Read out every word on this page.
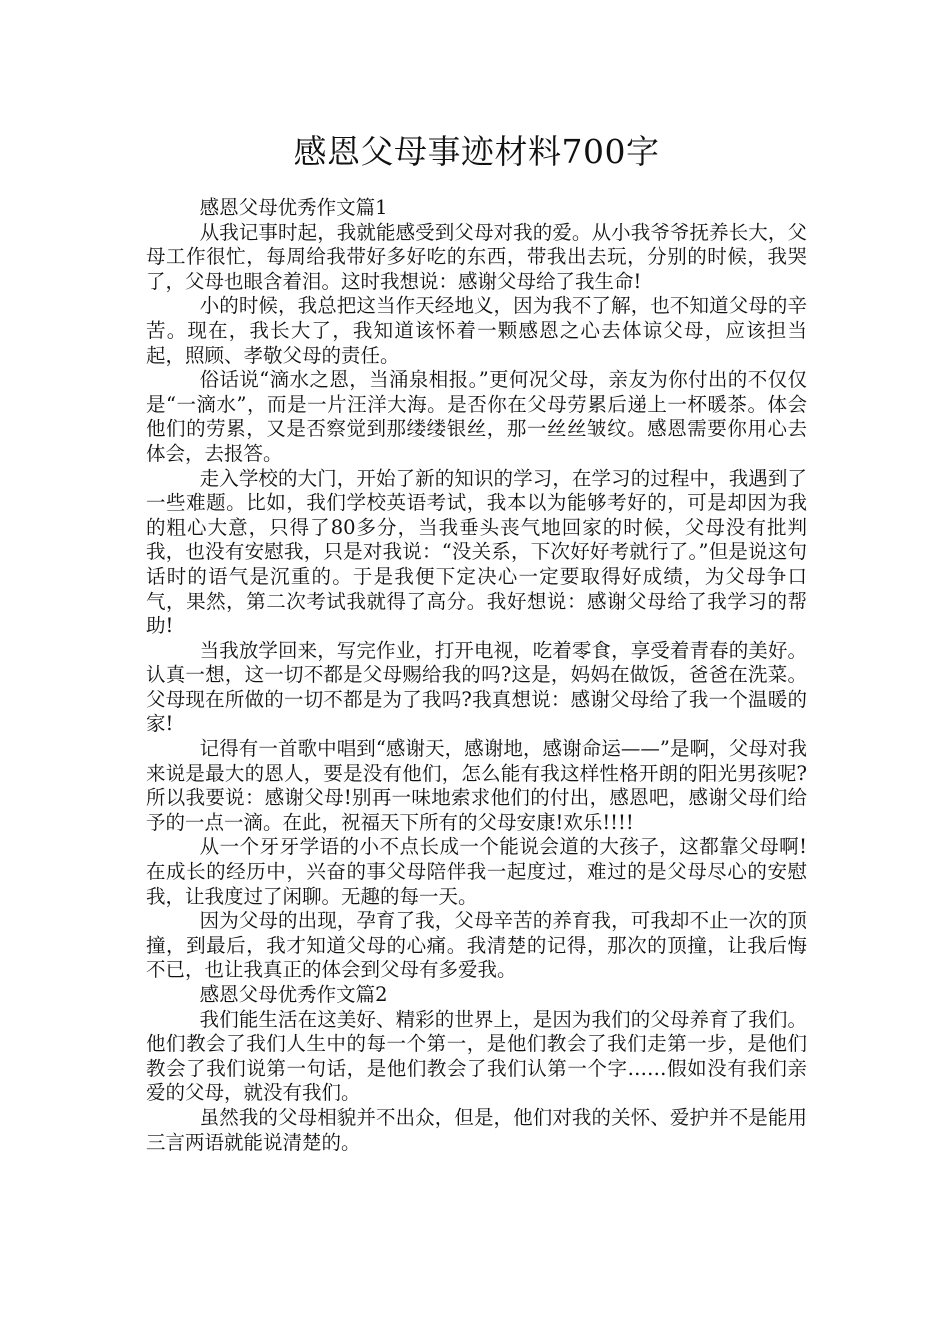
感恩父母事迹材料700字

感恩父母优秀作文篇1

从我记事时起，我就能感受到父母对我的爱。从小我爷爷抚养长大，父母工作很忙，每周给我带好多好吃的东西，带我出去玩，分别的时候，我哭了，父母也眼含着泪。这时我想说：感谢父母给了我生命!

小的时候，我总把这当作天经地义，因为我不了解，也不知道父母的辛苦。现在，我长大了，我知道该怀着一颗感恩之心去体谅父母，应该担当起，照顾、孝敬父母的责任。

俗话说“滴水之恩，当涌泉相报。”更何况父母，亲友为你付出的不仅仅是“一滴水”，而是一片汪洋大海。是否你在父母劳累后递上一杯暖茶。体会他们的劳累，又是否察觉到那缕缕银丝，那一丝丝皱纹。感恩需要你用心去体会，去报答。

走入学校的大门，开始了新的知识的学习，在学习的过程中，我遇到了一些难题。比如，我们学校英语考试，我本以为能够考好的，可是却因为我的粗心大意，只得了80多分，当我垂头丧气地回家的时候，父母没有批判我，也没有安慰我，只是对我说：“没关系，下次好好考就行了。”但是说这句话时的语气是沉重的。于是我便下定决心一定要取得好成绩，为父母争口气，果然，第二次考试我就得了高分。我好想说：感谢父母给了我学习的帮助!

当我放学回来，写完作业，打开电视，吃着零食，享受着青春的美好。认真一想，这一切不都是父母赐给我的吗?这是，妈妈在做饭，爸爸在洗菜。父母现在所做的一切不都是为了我吗?我真想说：感谢父母给了我一个温暖的家!

记得有一首歌中唱到“感谢天，感谢地，感谢命运——”是啊，父母对我来说是最大的恩人，要是没有他们，怎么能有我这样性格开朗的阳光男孩呢?所以我要说：感谢父母!别再一味地索求他们的付出，感恩吧，感谢父母们给予的一点一滴。在此，祝福天下所有的父母安康!欢乐!!!!

从一个牙牙学语的小不点长成一个能说会道的大孩子，这都靠父母啊!在成长的经历中，兴奋的事父母陪伴我一起度过，难过的是父母尽心的安慰我，让我度过了闲聊。无趣的每一天。

因为父母的出现，孕育了我，父母辛苦的养育我，可我却不止一次的顶撞，到最后，我才知道父母的心痛。我清楚的记得，那次的顶撞，让我后悔不已，也让我真正的体会到父母有多爱我。

感恩父母优秀作文篇2

我们能生活在这美好、精彩的世界上，是因为我们的父母养育了我们。他们教会了我们人生中的每一个第一，是他们教会了我们走第一步，是他们教会了我们说第一句话，是他们教会了我们认第一个字……假如没有我们亲爱的父母，就没有我们。

虽然我的父母相貌并不出众，但是，他们对我的关怀、爱护并不是能用三言两语就能说清楚的。
